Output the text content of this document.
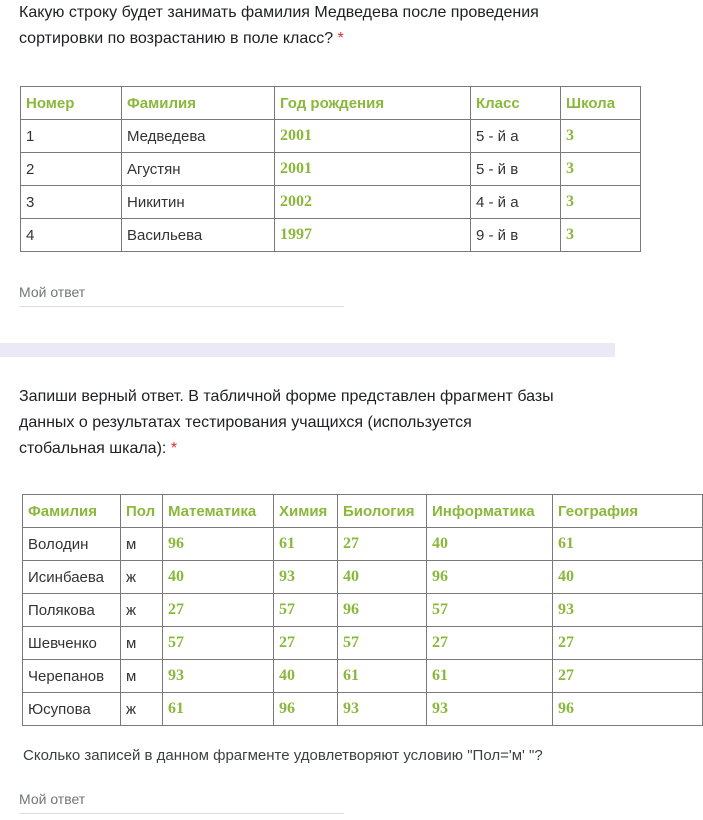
Какую строку будет занимать фамилия Медведева после проведения
сортировки по возрастанию в поле класс? *
Номер	Фамилия	Год рождения	Класс	Школа
1	Медведева	2001	5 - й а	3
2	Агустян	2001	5 - й в	3
3	Никитин	2002	4 - й а	3
4	Васильева	1997	9 - й в	3
Мой ответ
Запиши верный ответ. В табличной форме представлен фрагмент базы
данных о результатах тестирования учащихся (используется
стобальная шкала): *
Фамилия	Пол	Математика	Химия	Биология	Информатика	География
Володин	м	96	61	27	40	61
Исинбаева	ж	40	93	40	96	40
Полякова	ж	27	57	96	57	93
Шевченко	м	57	27	57	27	27
Черепанов	м	93	40	61	61	27
Юсупова	ж	61	96	93	93	96
Сколько записей в данном фрагменте удовлетворяют условию "Пол='м' "?
Мой ответ
